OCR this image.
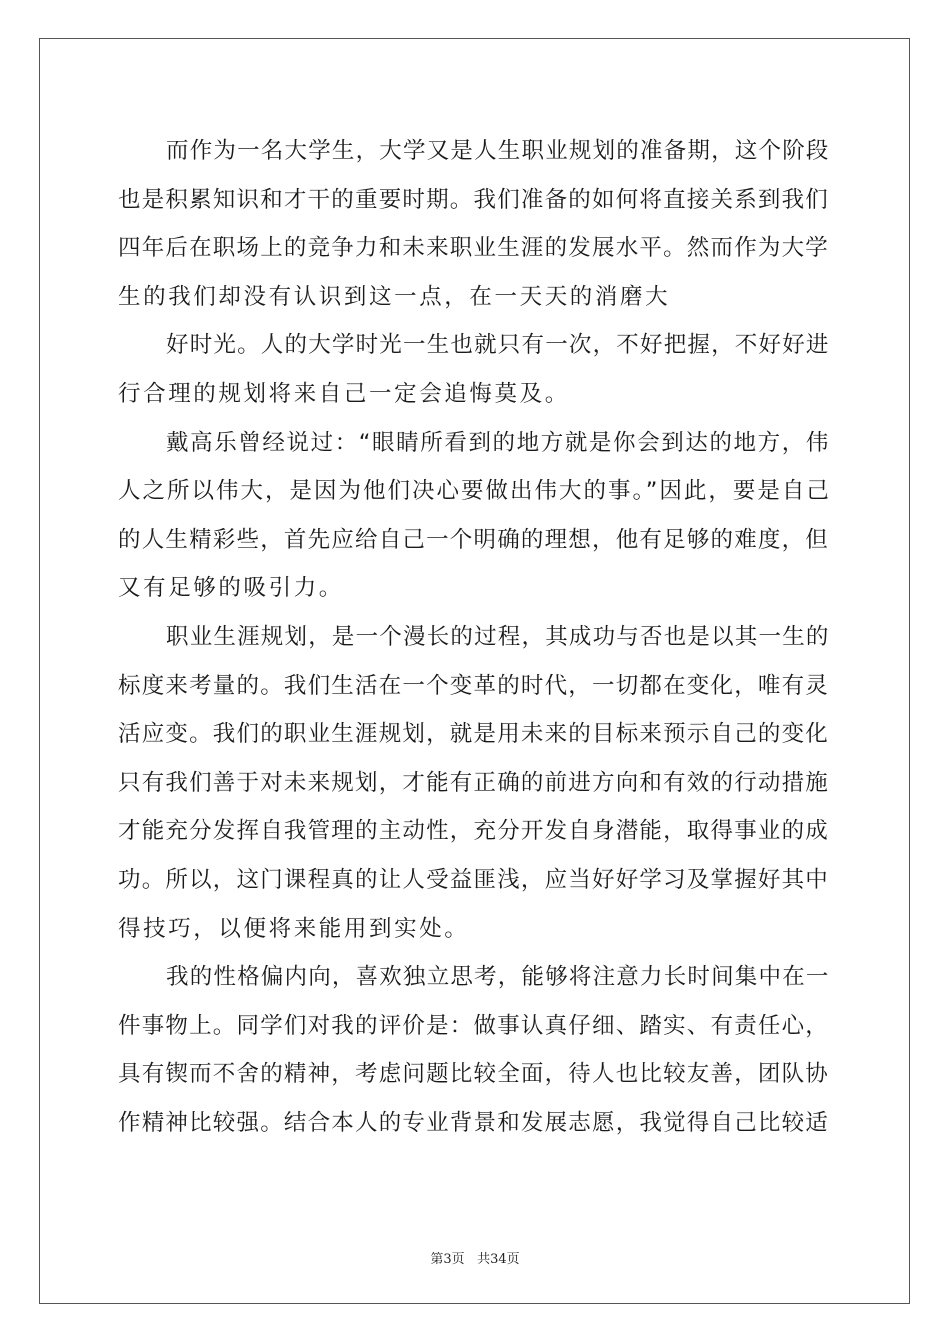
而作为一名大学生，大学又是人生职业规划的准备期，这个阶段
也是积累知识和才干的重要时期。我们准备的如何将直接关系到我们
四年后在职场上的竞争力和未来职业生涯的发展水平。然而作为大学
生的我们却没有认识到这一点，在一天天的消磨大
好时光。人的大学时光一生也就只有一次，不好把握，不好好进
行合理的规划将来自己一定会追悔莫及。
戴高乐曾经说过：“眼睛所看到的地方就是你会到达的地方，伟
人之所以伟大，是因为他们决心要做出伟大的事。”因此，要是自己
的人生精彩些，首先应给自己一个明确的理想，他有足够的难度，但
又有足够的吸引力。
职业生涯规划，是一个漫长的过程，其成功与否也是以其一生的
标度来考量的。我们生活在一个变革的时代，一切都在变化，唯有灵
活应变。我们的职业生涯规划，就是用未来的目标来预示自己的变化
只有我们善于对未来规划，才能有正确的前进方向和有效的行动措施
才能充分发挥自我管理的主动性，充分开发自身潜能，取得事业的成
功。所以，这门课程真的让人受益匪浅，应当好好学习及掌握好其中
得技巧，以便将来能用到实处。
我的性格偏内向，喜欢独立思考，能够将注意力长时间集中在一
件事物上。同学们对我的评价是：做事认真仔细、踏实、有责任心，
具有锲而不舍的精神，考虑问题比较全面，待人也比较友善，团队协
作精神比较强。结合本人的专业背景和发展志愿，我觉得自己比较适
第3页 共34页
